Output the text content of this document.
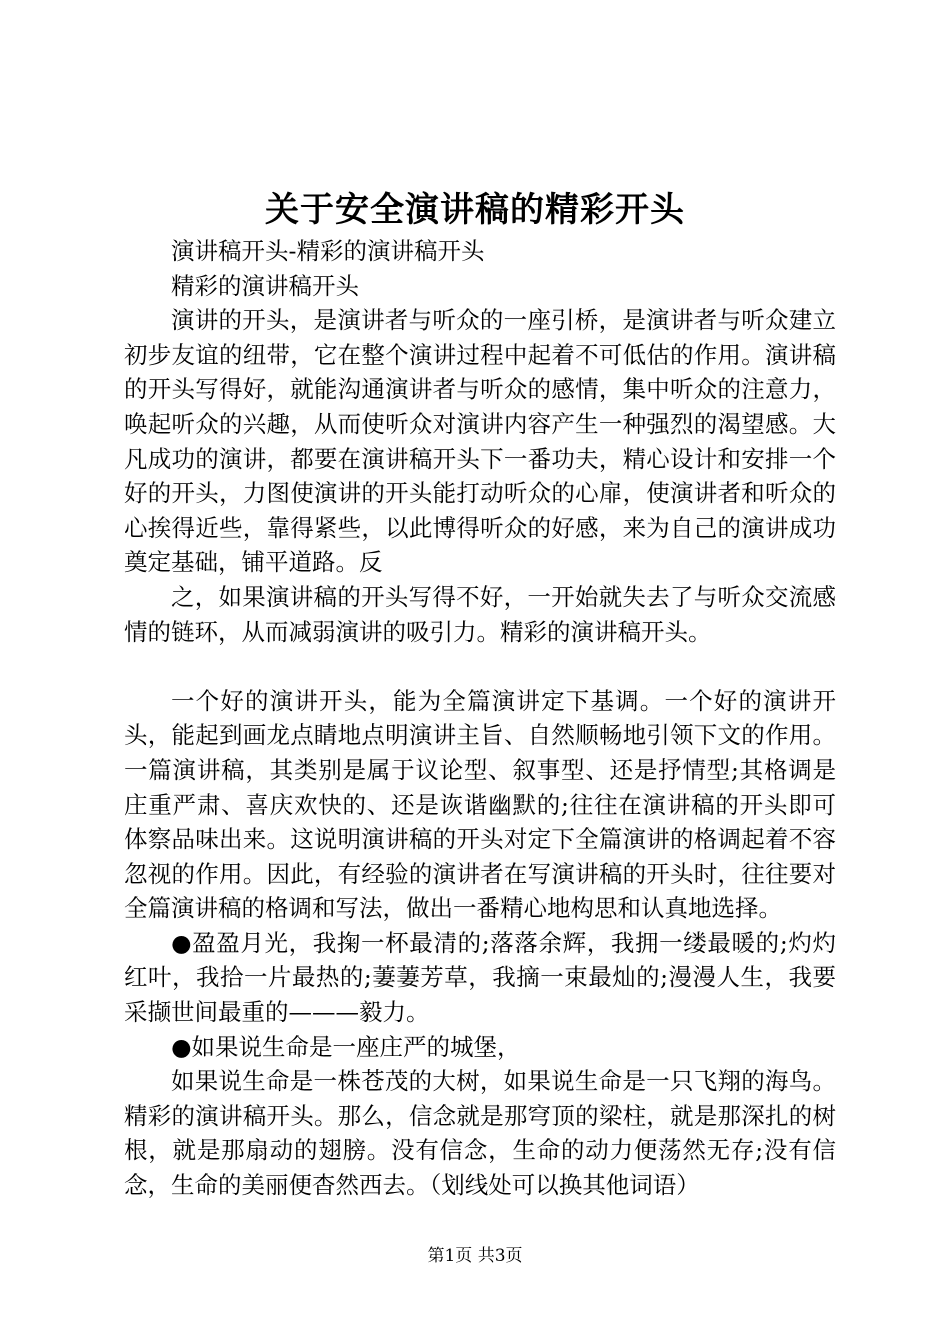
关于安全演讲稿的精彩开头

演讲稿开头-精彩的演讲稿开头

精彩的演讲稿开头

演讲的开头，是演讲者与听众的一座引桥，是演讲者与听众建立初步友谊的纽带，它在整个演讲过程中起着不可低估的作用。演讲稿的开头写得好，就能沟通演讲者与听众的感情，集中听众的注意力，唤起听众的兴趣，从而使听众对演讲内容产生一种强烈的渴望感。大凡成功的演讲，都要在演讲稿开头下一番功夫，精心设计和安排一个好的开头，力图使演讲的开头能打动听众的心扉，使演讲者和听众的心挨得近些，靠得紧些，以此博得听众的好感，来为自己的演讲成功奠定基础，铺平道路。反

之，如果演讲稿的开头写得不好，一开始就失去了与听众交流感情的链环，从而减弱演讲的吸引力。精彩的演讲稿开头。

一个好的演讲开头，能为全篇演讲定下基调。一个好的演讲开头，能起到画龙点睛地点明演讲主旨、自然顺畅地引领下文的作用。一篇演讲稿，其类别是属于议论型、叙事型、还是抒情型;其格调是庄重严肃、喜庆欢快的、还是诙谐幽默的;往往在演讲稿的开头即可体察品味出来。这说明演讲稿的开头对定下全篇演讲的格调起着不容忽视的作用。因此，有经验的演讲者在写演讲稿的开头时，往往要对全篇演讲稿的格调和写法，做出一番精心地构思和认真地选择。

●盈盈月光，我掬一杯最清的;落落余辉，我拥一缕最暖的;灼灼红叶，我拾一片最热的;萋萋芳草，我摘一束最灿的;漫漫人生，我要采撷世间最重的———毅力。

●如果说生命是一座庄严的城堡，

如果说生命是一株苍茂的大树，如果说生命是一只飞翔的海鸟。精彩的演讲稿开头。那么，信念就是那穹顶的梁柱，就是那深扎的树根，就是那扇动的翅膀。没有信念，生命的动力便荡然无存;没有信念，生命的美丽便杳然西去。（划线处可以换其他词语）

第1页 共3页
